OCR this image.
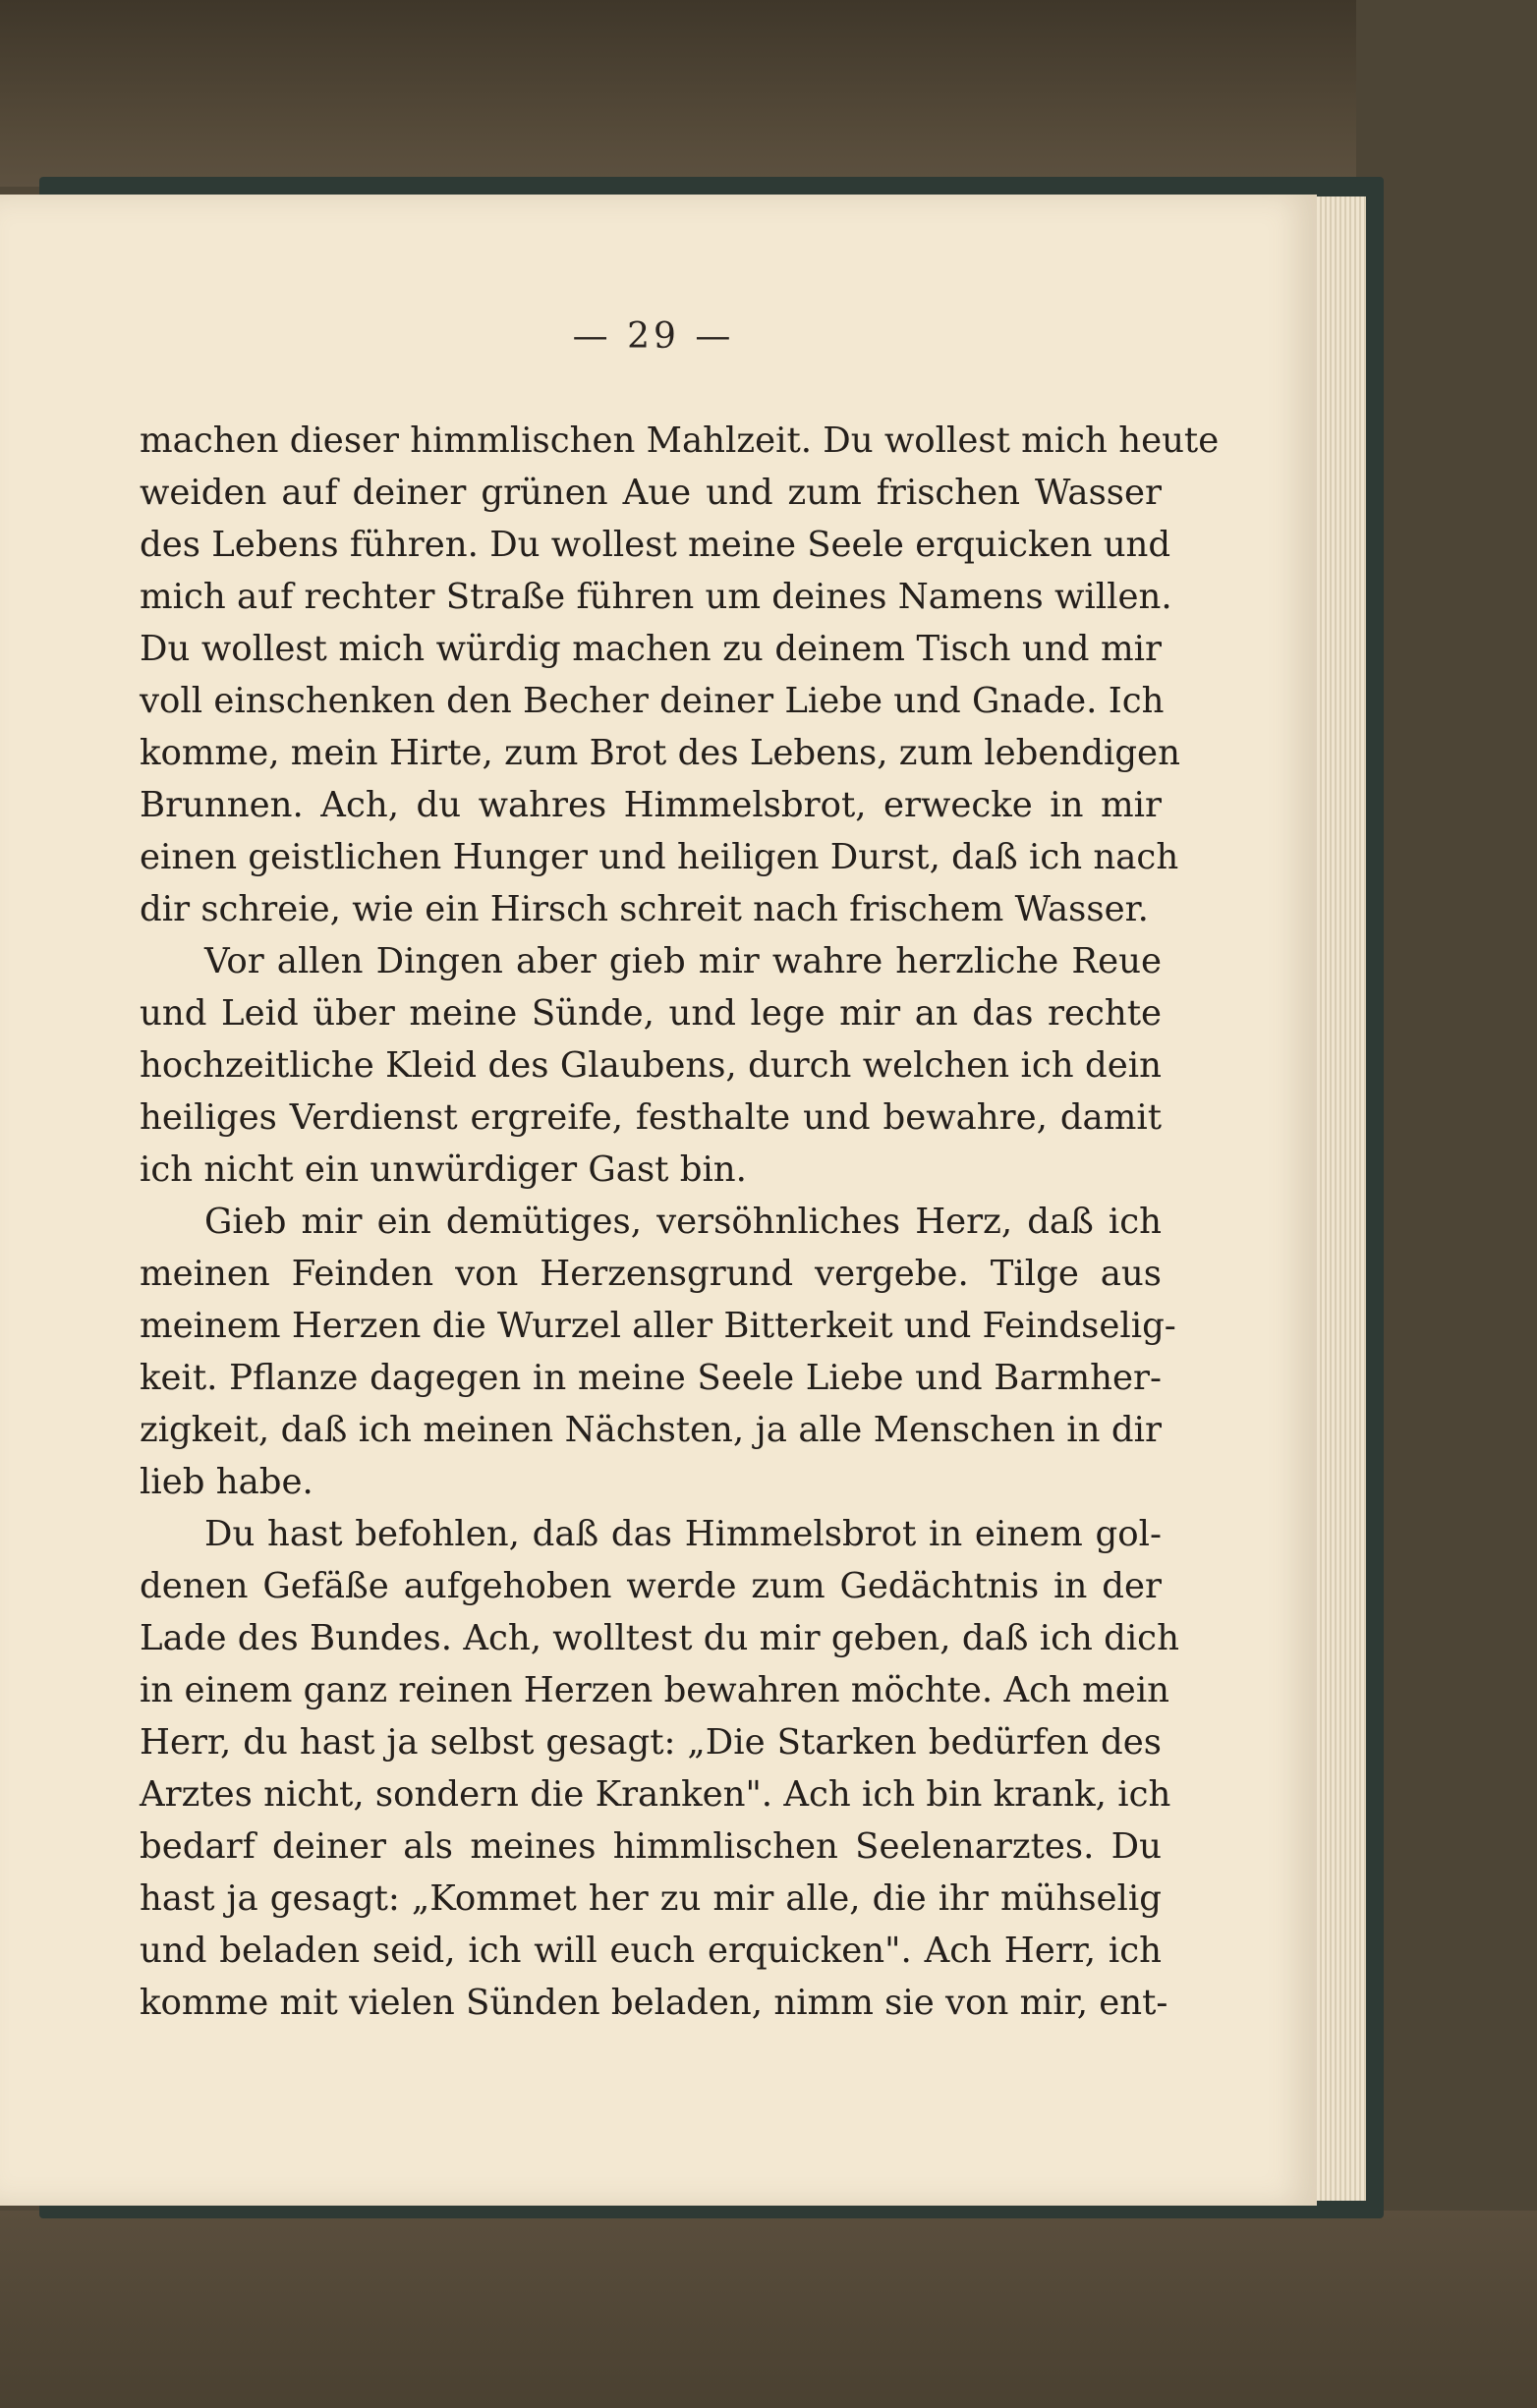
— 29 —
machen dieser himmlischen Mahlzeit. Du wollest mich heute
weiden auf deiner grünen Aue und zum frischen Wasser
des Lebens führen. Du wollest meine Seele erquicken und
mich auf rechter Straße führen um deines Namens willen.
Du wollest mich würdig machen zu deinem Tisch und mir
voll einschenken den Becher deiner Liebe und Gnade. Ich
komme, mein Hirte, zum Brot des Lebens, zum lebendigen
Brunnen. Ach, du wahres Himmelsbrot, erwecke in mir
einen geistlichen Hunger und heiligen Durst, daß ich nach
dir schreie, wie ein Hirsch schreit nach frischem Wasser.
Vor allen Dingen aber gieb mir wahre herzliche Reue
und Leid über meine Sünde, und lege mir an das rechte
hochzeitliche Kleid des Glaubens, durch welchen ich dein
heiliges Verdienst ergreife, festhalte und bewahre, damit
ich nicht ein unwürdiger Gast bin.
Gieb mir ein demütiges, versöhnliches Herz, daß ich
meinen Feinden von Herzensgrund vergebe. Tilge aus
meinem Herzen die Wurzel aller Bitterkeit und Feindselig-
keit. Pflanze dagegen in meine Seele Liebe und Barmher-
zigkeit, daß ich meinen Nächsten, ja alle Menschen in dir
lieb habe.
Du hast befohlen, daß das Himmelsbrot in einem gol-
denen Gefäße aufgehoben werde zum Gedächtnis in der
Lade des Bundes. Ach, wolltest du mir geben, daß ich dich
in einem ganz reinen Herzen bewahren möchte. Ach mein
Herr, du hast ja selbst gesagt: „Die Starken bedürfen des
Arztes nicht, sondern die Kranken". Ach ich bin krank, ich
bedarf deiner als meines himmlischen Seelenarztes. Du
hast ja gesagt: „Kommet her zu mir alle, die ihr mühselig
und beladen seid, ich will euch erquicken". Ach Herr, ich
komme mit vielen Sünden beladen, nimm sie von mir, ent-
